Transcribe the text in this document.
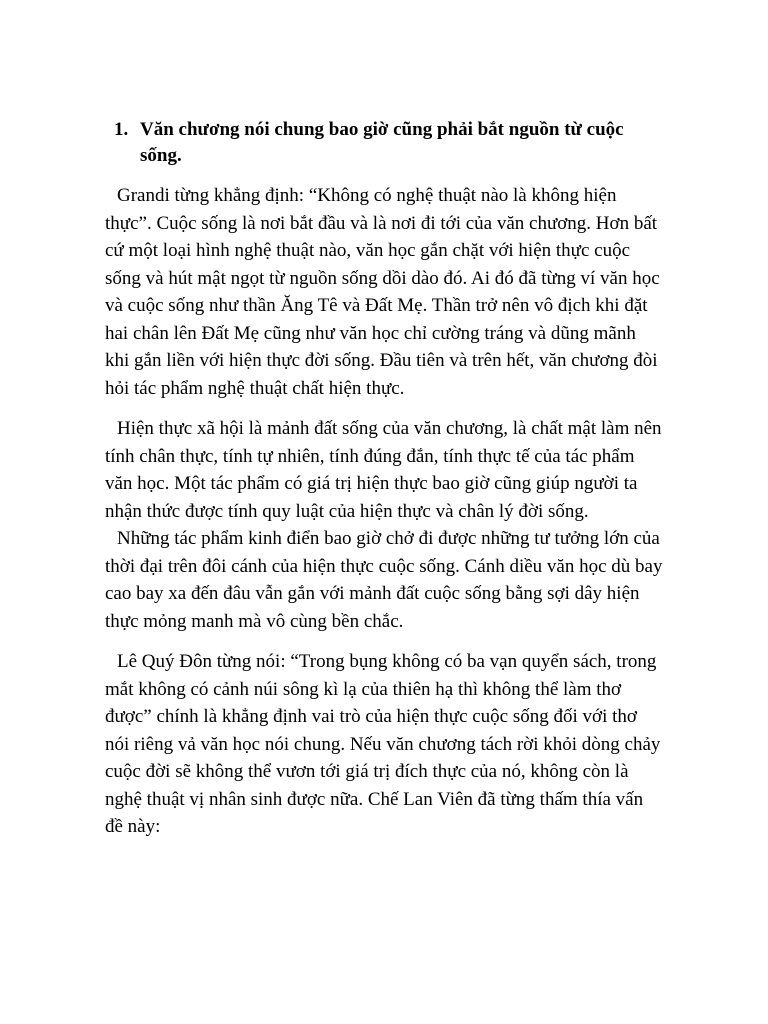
1. Văn chương nói chung bao giờ cũng phải bắt nguồn từ cuộc sống.

Grandi từng khẳng định: “Không có nghệ thuật nào là không hiện thực”. Cuộc sống là nơi bắt đầu và là nơi đi tới của văn chương. Hơn bất cứ một loại hình nghệ thuật nào, văn học gắn chặt với hiện thực cuộc sống và hút mật ngọt từ nguồn sống dồi dào đó. Ai đó đã từng ví văn học và cuộc sống như thần Ăng Tê và Đất Mẹ. Thần trở nên vô địch khi đặt hai chân lên Đất Mẹ cũng như văn học chỉ cường tráng và dũng mãnh khi gắn liền với hiện thực đời sống. Đầu tiên và trên hết, văn chương đòi hỏi tác phẩm nghệ thuật chất hiện thực.

Hiện thực xã hội là mảnh đất sống của văn chương, là chất mật làm nên tính chân thực, tính tự nhiên, tính đúng đắn, tính thực tế của tác phẩm văn học. Một tác phẩm có giá trị hiện thực bao giờ cũng giúp người ta nhận thức được tính quy luật của hiện thực và chân lý đời sống.

Những tác phẩm kinh điển bao giờ chở đi được những tư tưởng lớn của thời đại trên đôi cánh của hiện thực cuộc sống. Cánh diều văn học dù bay cao bay xa đến đâu vẫn gắn với mảnh đất cuộc sống bằng sợi dây hiện thực mỏng manh mà vô cùng bền chắc.

Lê Quý Đôn từng nói: “Trong bụng không có ba vạn quyển sách, trong mắt không có cảnh núi sông kì lạ của thiên hạ thì không thể làm thơ được” chính là khẳng định vai trò của hiện thực cuộc sống đối với thơ nói riêng vả văn học nói chung. Nếu văn chương tách rời khỏi dòng chảy cuộc đời sẽ không thể vươn tới giá trị đích thực của nó, không còn là nghệ thuật vị nhân sinh được nữa. Chế Lan Viên đã từng thấm thía vấn đề này:
